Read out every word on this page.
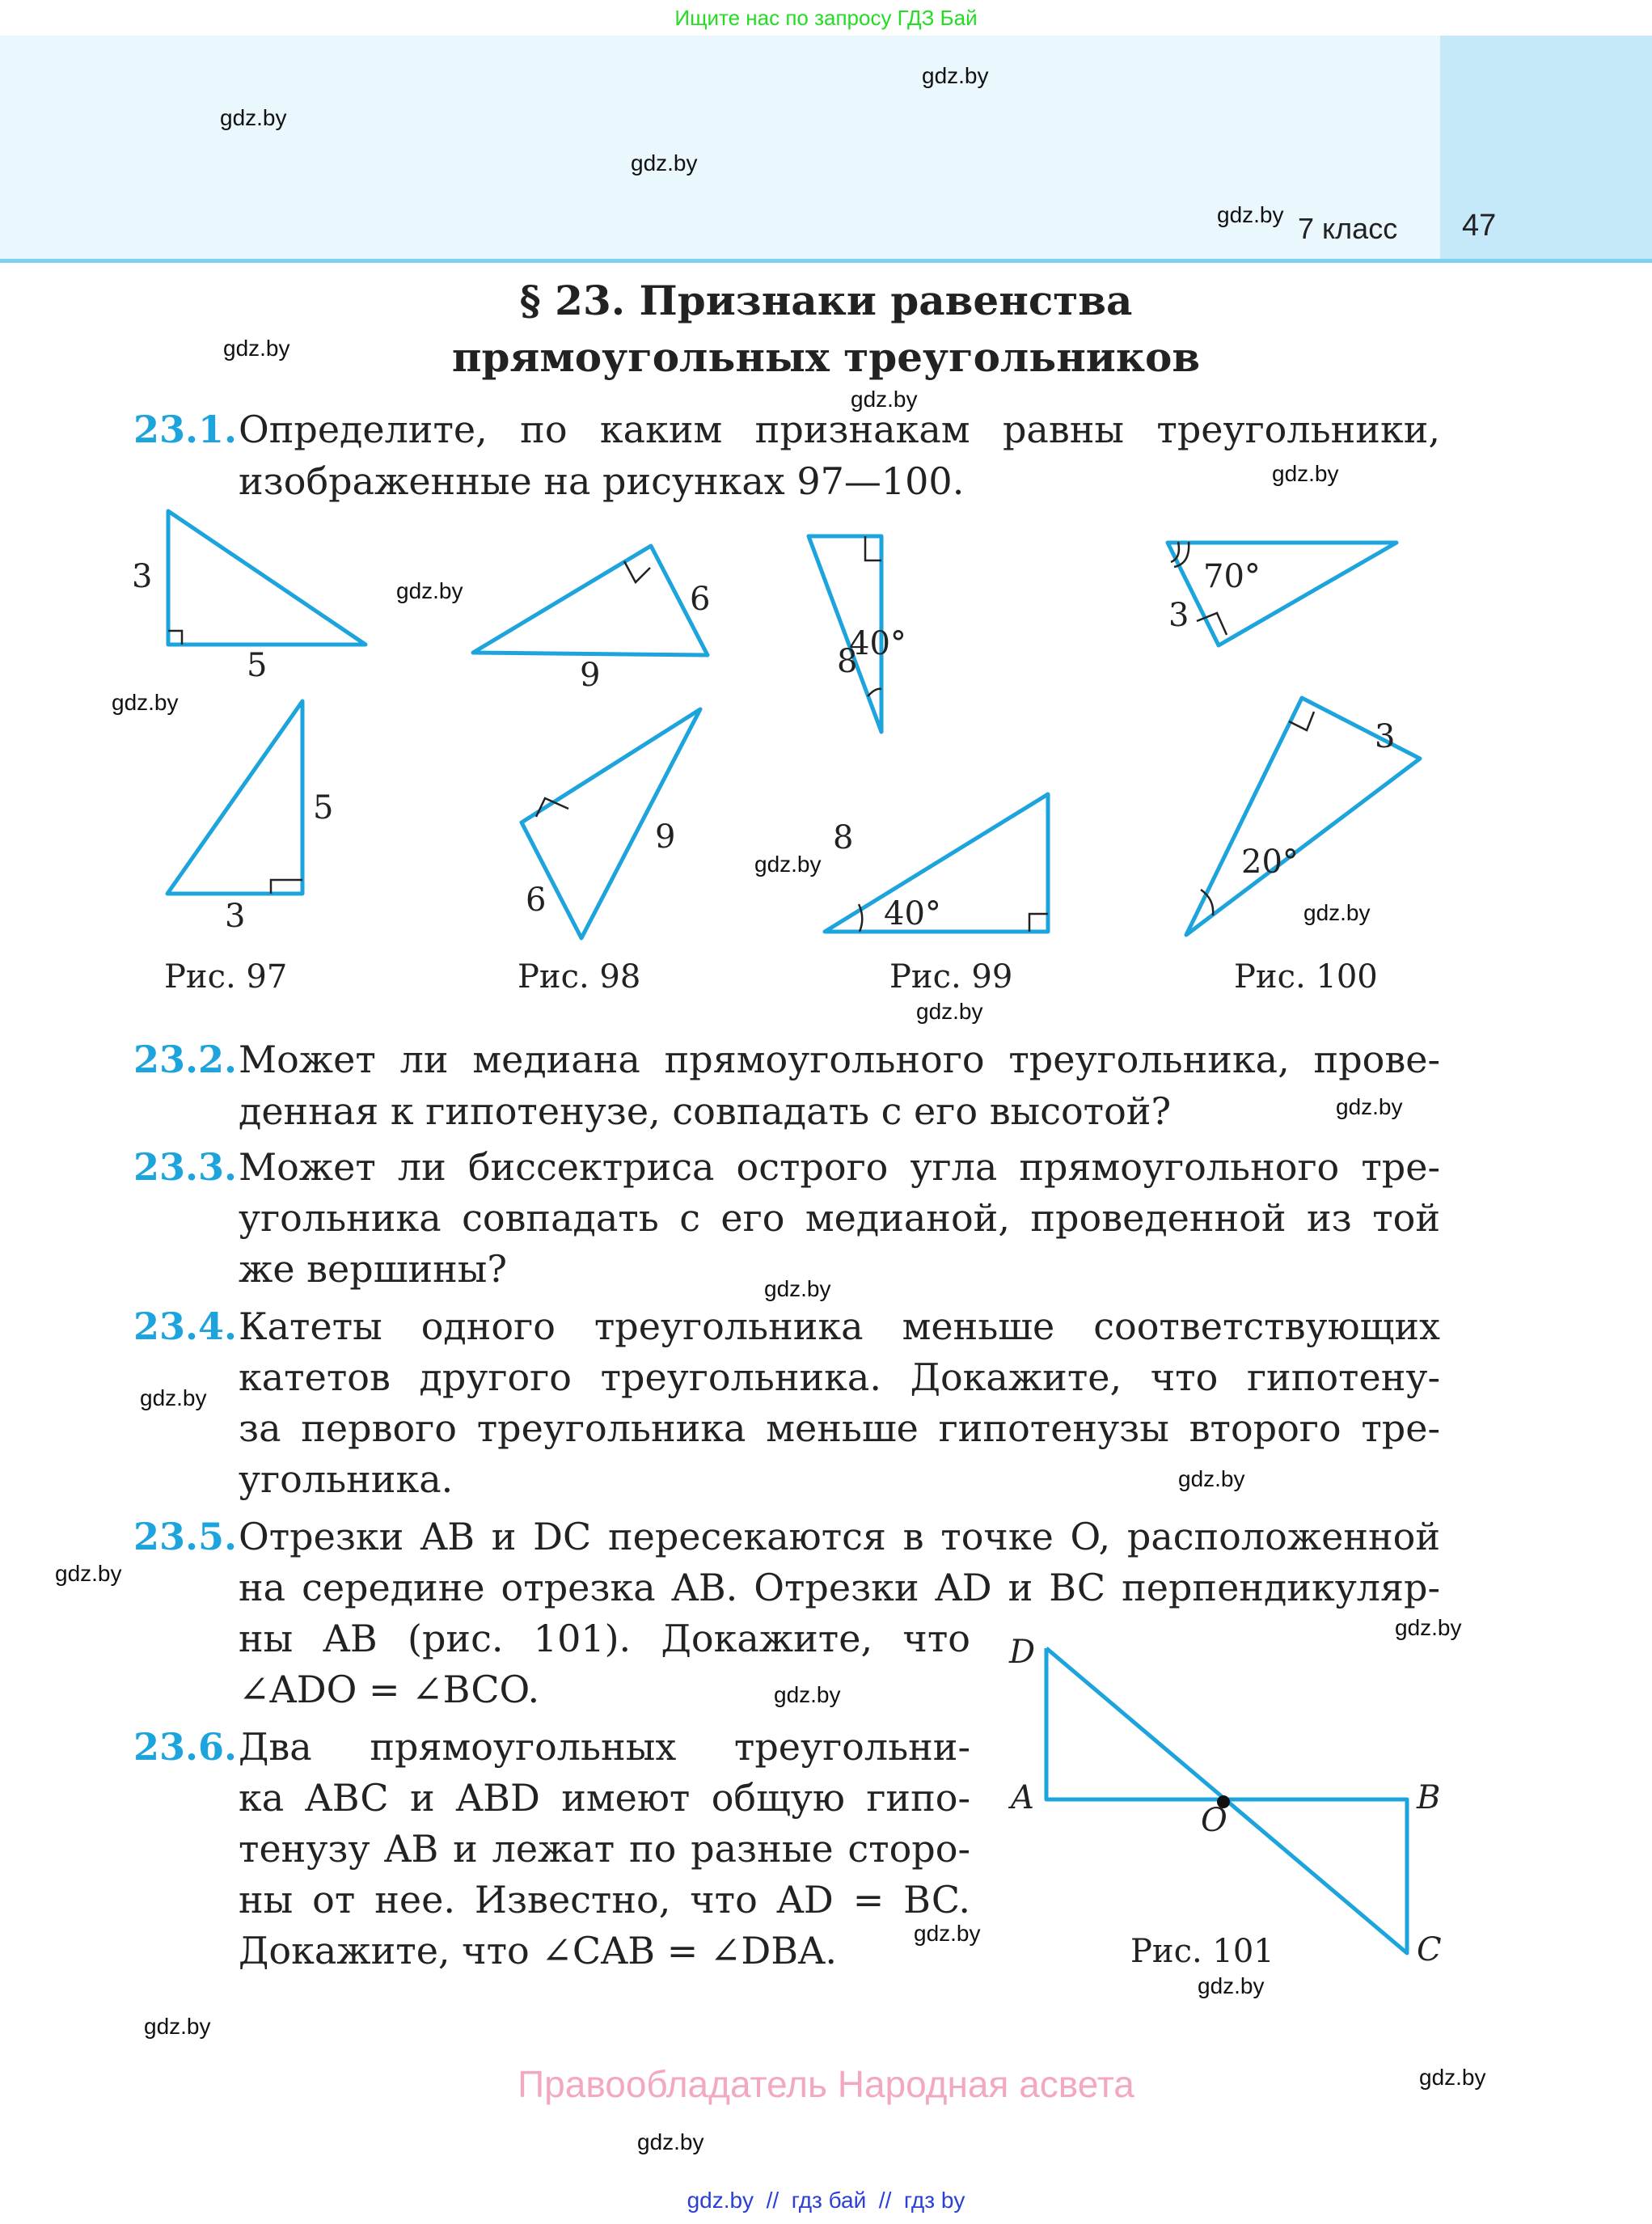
Ищите нас по запросу ГДЗ Бай
7 класс 47
gdz.by
gdz.by
gdz.by
gdz.by
gdz.by
gdz.by
gdz.by
gdz.by
gdz.by
gdz.by
gdz.by
gdz.by
gdz.by
gdz.by
gdz.by
gdz.by
gdz.by
gdz.by
gdz.by
gdz.by
gdz.by
gdz.by
gdz.by
gdz.by
§ 23. Признаки равенства
прямоугольных треугольников
23.1. Определите, по каким признакам равны треугольники,
изображенные на рисунках 97—100.
3
5
5
3
6
9
6
9
8
40°
8
40°
3
70°
3
20°
Рис. 97	Рис. 98	Рис. 99	Рис. 100
23.2. Может ли медиана прямоугольного треугольника, прове-
денная к гипотенузе, совпадать с его высотой?
23.3. Может ли биссектриса острого угла прямоугольного тре-
угольника совпадать с его медианой, проведенной из той
же вершины?
23.4. Катеты одного треугольника меньше соответствующих
катетов другого треугольника. Докажите, что гипотену-
за первого треугольника меньше гипотенузы второго тре-
угольника.
23.5. Отрезки AB и DC пересекаются в точке O, расположенной
на середине отрезка AB. Отрезки AD и BC перпендикуляр-
ны AB (рис. 101). Докажите, что
∠ADO = ∠BCO.
23.6. Два прямоугольных треугольни-
ка ABC и ABD имеют общую гипо-
тенузу AB и лежат по разные сторо-
ны от нее. Известно, что AD = BC.
Докажите, что ∠CAB = ∠DBA.
D
A
O
B
C
Рис. 101
Правообладатель Народная асвета
gdz.by  //  гдз бай  //  гдз by
